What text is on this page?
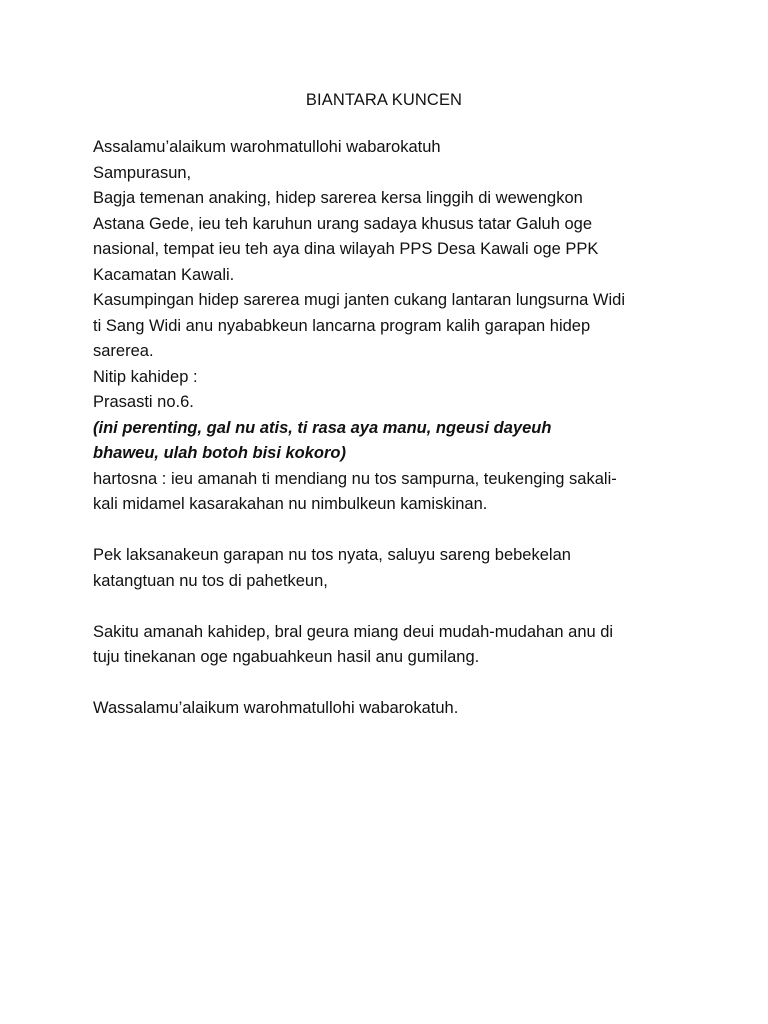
BIANTARA KUNCEN
Assalamu’alaikum warohmatullohi wabarokatuh
Sampurasun,
Bagja temenan anaking, hidep sarerea kersa linggih di wewengkon
Astana Gede, ieu teh karuhun urang sadaya khusus tatar Galuh oge
nasional, tempat ieu teh aya dina wilayah PPS Desa Kawali oge PPK
Kacamatan Kawali.
Kasumpingan hidep sarerea mugi janten cukang lantaran lungsurna Widi
ti Sang Widi anu nyababkeun lancarna program kalih garapan hidep
sarerea.
Nitip kahidep :
Prasasti no.6.
(ini perenting, gal nu atis, ti rasa aya manu, ngeusi dayeuh
bhaweu, ulah botoh bisi kokoro)
hartosna : ieu amanah ti mendiang nu tos sampurna, teukenging sakali-
kali midamel kasarakahan nu nimbulkeun kamiskinan.
Pek laksanakeun garapan nu tos nyata, saluyu sareng bebekelan
katangtuan nu tos di pahetkeun,
Sakitu amanah kahidep, bral geura miang deui mudah-mudahan anu di
tuju tinekanan oge ngabuahkeun hasil anu gumilang.
Wassalamu’alaikum warohmatullohi wabarokatuh.
